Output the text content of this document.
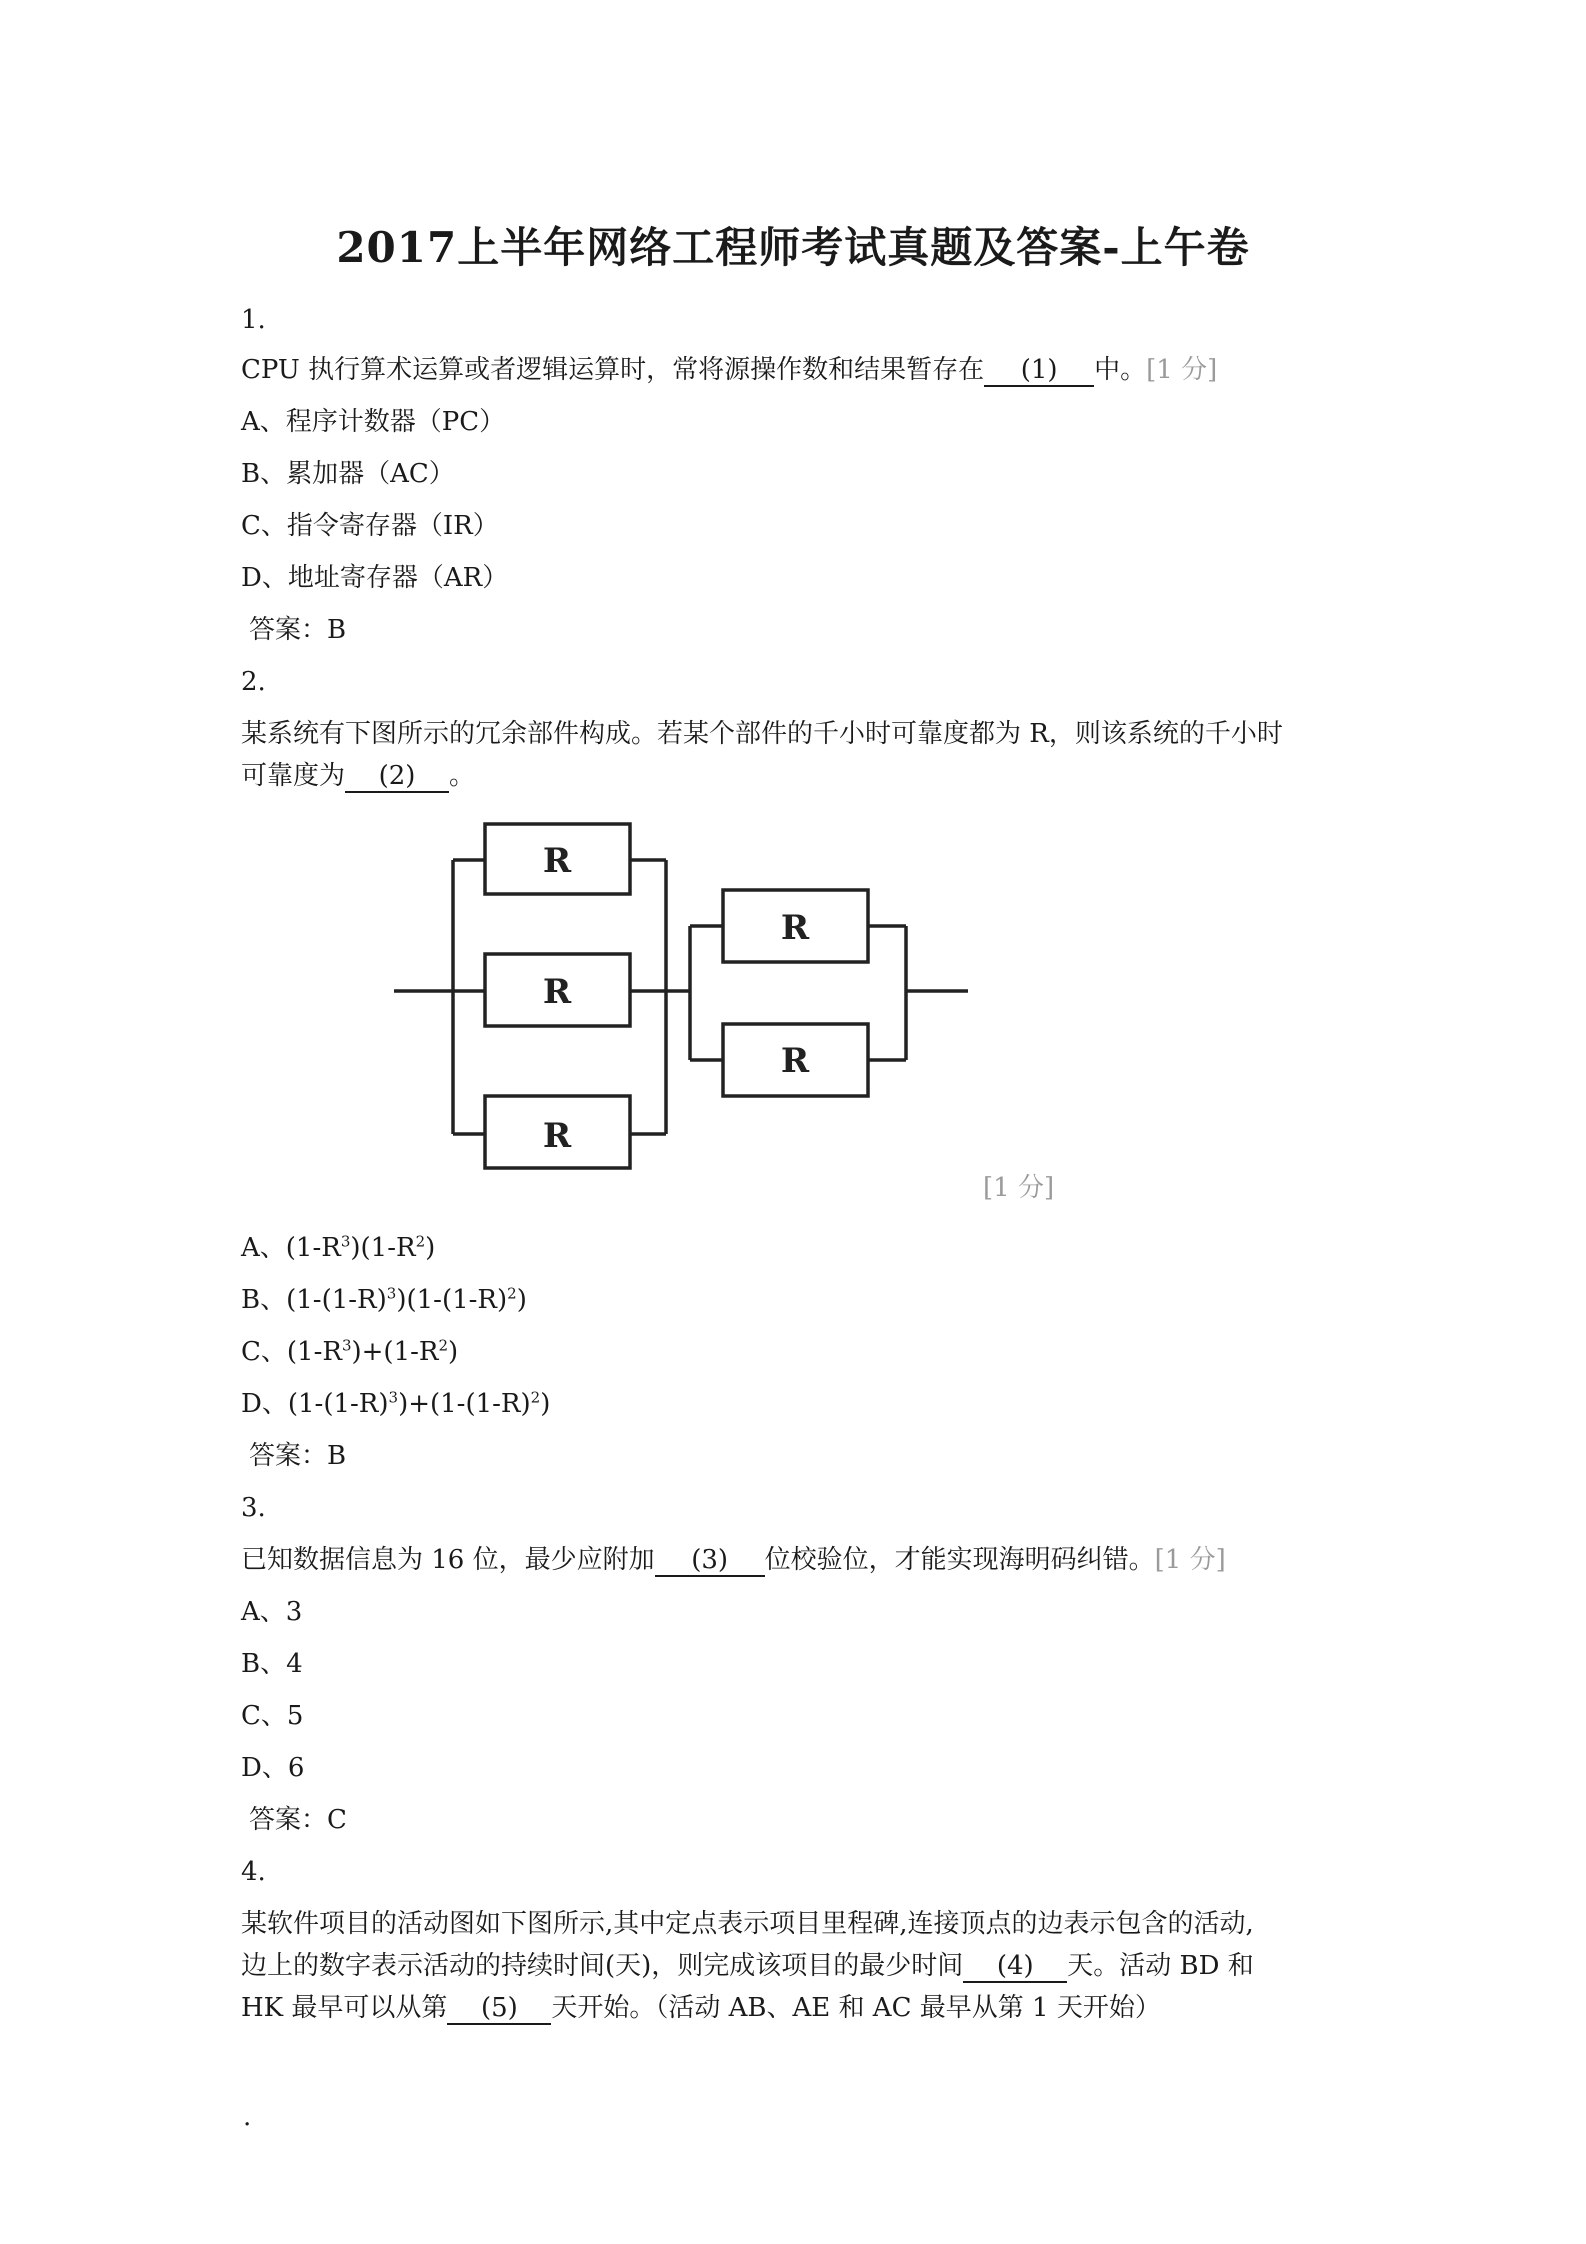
2017上半年网络工程师考试真题及答案-上午卷
1.
CPU 执行算术运算或者逻辑运算时，常将源操作数和结果暂存在 (1) 中。[1 分]
A、程序计数器（PC）
B、累加器（AC）
C、指令寄存器（IR）
D、地址寄存器（AR）
答案：B
2.
某系统有下图所示的冗余部件构成。若某个部件的千小时可靠度都为 R，则该系统的千小时
可靠度为 (2) 。
R
R
R
R
R
[1 分]
A、$(1-R^3)(1-R^2)$
B、$(1-(1-R)^3)(1-(1-R)^2)$
C、$(1-R^3)+(1-R^2)$
D、$(1-(1-R)^3)+(1-(1-R)^2)$
答案：B
3.
已知数据信息为 16 位，最少应附加 (3) 位校验位，才能实现海明码纠错。[1 分]
A、3
B、4
C、5
D、6
答案：C
4.
某软件项目的活动图如下图所示,其中定点表示项目里程碑,连接顶点的边表示包含的活动,
边上的数字表示活动的持续时间(天)，则完成该项目的最少时间 (4) 天。活动 BD 和
HK 最早可以从第 (5) 天开始。（活动 AB、AE 和 AC 最早从第 1 天开始）
.
